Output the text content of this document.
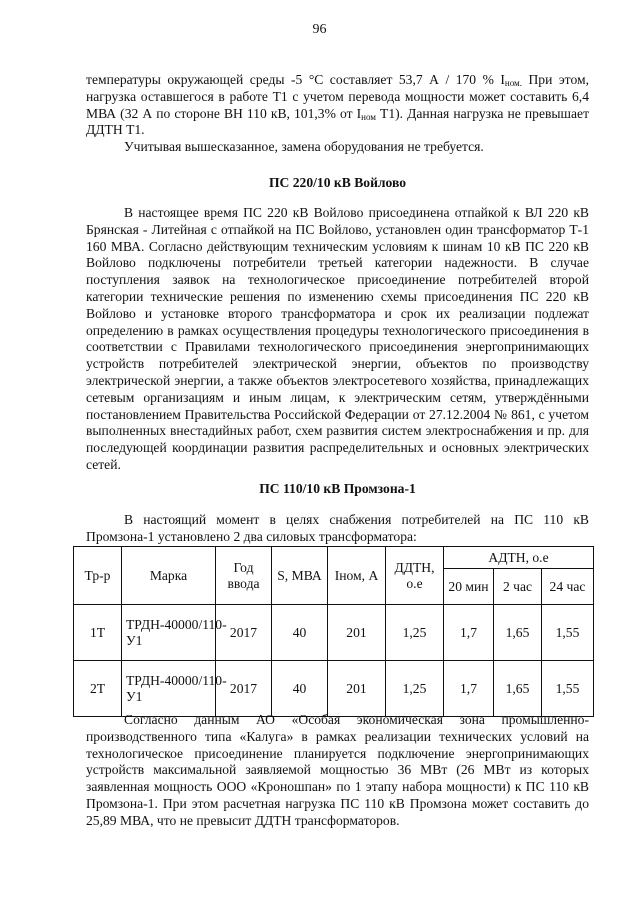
96

температуры окружающей среды -5 °С составляет 53,7 А / 170 % $I_{ном.}$ При этом, нагрузка оставшегося в работе Т1 с учетом перевода мощности может составить 6,4 МВА (32 А по стороне ВН 110 кВ, 101,3% от $I_{ном}$ Т1). Данная нагрузка не превышает ДДТН Т1.

Учитывая вышесказанное, замена оборудования не требуется.

ПС 220/10 кВ Войлово

В настоящее время ПС 220 кВ Войлово присоединена отпайкой к ВЛ 220 кВ Брянская - Литейная с отпайкой на ПС Войлово, установлен один трансформатор Т-1 160 МВА. Согласно действующим техническим условиям к шинам 10 кВ ПС 220 кВ Войлово подключены потребители третьей категории надежности. В случае поступления заявок на технологическое присоединение потребителей второй категории технические решения по изменению схемы присоединения ПС 220 кВ Войлово и установке второго трансформатора и срок их реализации подлежат определению в рамках осуществления процедуры технологического присоединения в соответствии с Правилами технологического присоединения энергопринимающих устройств потребителей электрической энергии, объектов по производству электрической энергии, а также объектов электросетевого хозяйства, принадлежащих сетевым организациям и иным лицам, к электрическим сетям, утверждёнными постановлением Правительства Российской Федерации от 27.12.2004 № 861, с учетом выполненных внестадийных работ, схем развития систем электроснабжения и пр. для последующей координации развития распределительных и основных электрических сетей.

ПС 110/10 кВ Промзона-1

В настоящий момент в целях снабжения потребителей на ПС 110 кВ Промзона-1 установлено 2 два силовых трансформатора:

Тр-р	Марка	Год ввода	S, МВА	Iном, А	ДДТН, о.е	АДТН, о.е		
						20 мин	2 час	24 час
1Т	ТРДН-40000/110-У1	2017	40	201	1,25	1,7	1,65	1,55
2Т	ТРДН-40000/110-У1	2017	40	201	1,25	1,7	1,65	1,55

Согласно данным АО «Особая экономическая зона промышленно-производственного типа «Калуга» в рамках реализации технических условий на технологическое присоединение планируется подключение энергопринимающих устройств максимальной заявляемой мощностью 36 МВт (26 МВт из которых заявленная мощность ООО «Кроношпан» по 1 этапу набора мощности) к ПС 110 кВ Промзона-1. При этом расчетная нагрузка ПС 110 кВ Промзона может составить до 25,89 МВА, что не превысит ДДТН трансформаторов.
